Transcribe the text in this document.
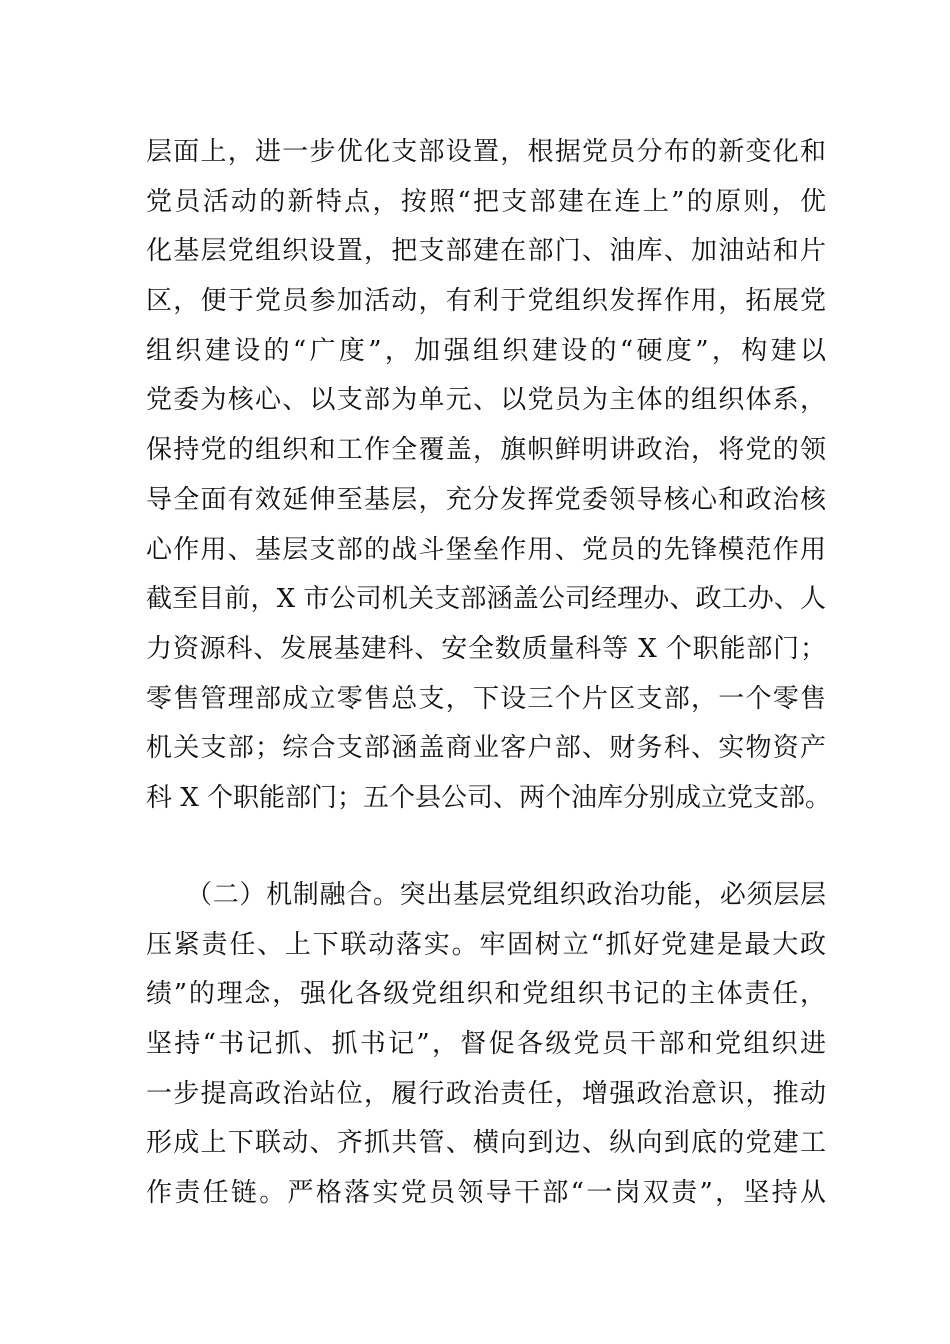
层面上，进一步优化支部设置，根据党员分布的新变化和
党员活动的新特点，按照“把支部建在连上”的原则，优
化基层党组织设置，把支部建在部门、油库、加油站和片
区，便于党员参加活动，有利于党组织发挥作用，拓展党
组织建设的“广度”，加强组织建设的“硬度”，构建以
党委为核心、以支部为单元、以党员为主体的组织体系，
保持党的组织和工作全覆盖，旗帜鲜明讲政治，将党的领
导全面有效延伸至基层，充分发挥党委领导核心和政治核
心作用、基层支部的战斗堡垒作用、党员的先锋模范作用
截至目前，X 市公司机关支部涵盖公司经理办、政工办、人
力资源科、发展基建科、安全数质量科等 X 个职能部门；
零售管理部成立零售总支，下设三个片区支部，一个零售
机关支部；综合支部涵盖商业客户部、财务科、实物资产
科 X 个职能部门；五个县公司、两个油库分别成立党支部。
（二）机制融合。突出基层党组织政治功能，必须层层
压紧责任、上下联动落实。牢固树立“抓好党建是最大政
绩”的理念，强化各级党组织和党组织书记的主体责任，
坚持“书记抓、抓书记”，督促各级党员干部和党组织进
一步提高政治站位，履行政治责任，增强政治意识，推动
形成上下联动、齐抓共管、横向到边、纵向到底的党建工
作责任链。严格落实党员领导干部“一岗双责”，坚持从
